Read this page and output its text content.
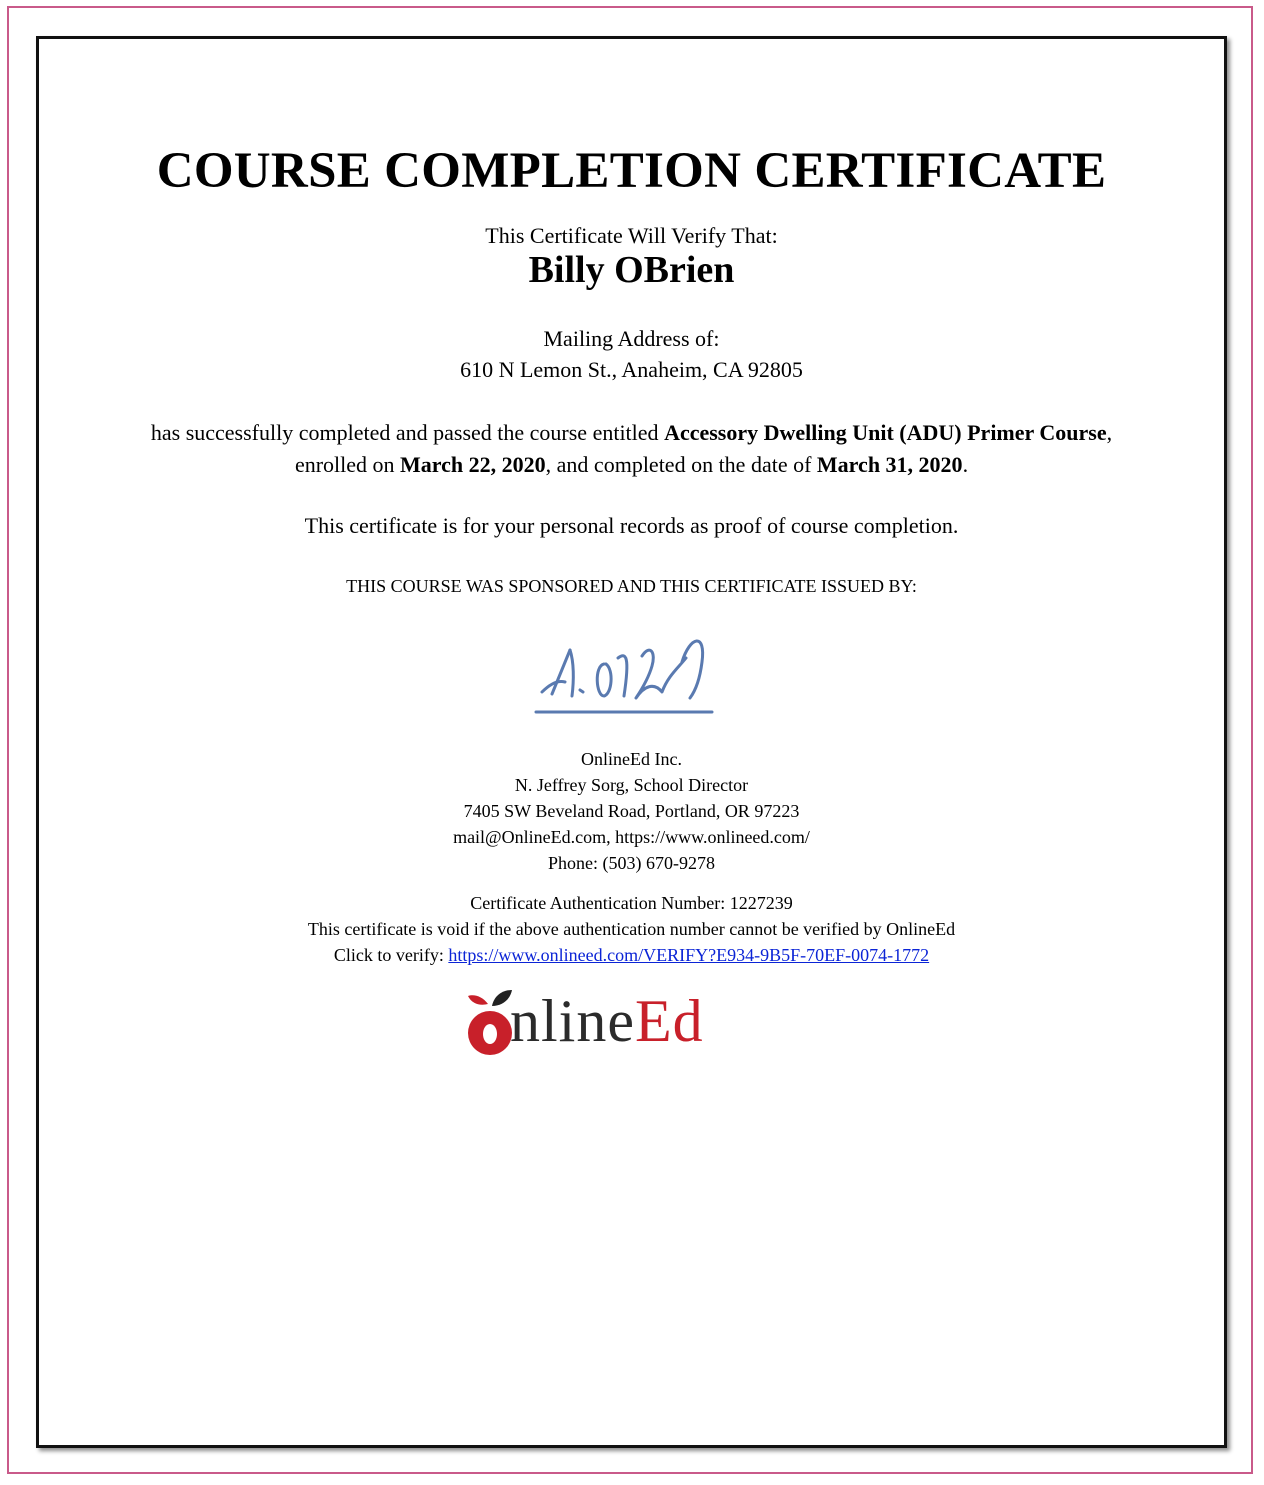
COURSE COMPLETION CERTIFICATE
This Certificate Will Verify That:
Billy OBrien
Mailing Address of:
610 N Lemon St., Anaheim, CA 92805
has successfully completed and passed the course entitled Accessory Dwelling Unit (ADU) Primer Course,
enrolled on March 22, 2020, and completed on the date of March 31, 2020.
This certificate is for your personal records as proof of course completion.
THIS COURSE WAS SPONSORED AND THIS CERTIFICATE ISSUED BY:
OnlineEd Inc.
N. Jeffrey Sorg, School Director
7405 SW Beveland Road, Portland, OR 97223
mail@OnlineEd.com, https://www.onlineed.com/
Phone: (503) 670-9278
Certificate Authentication Number: 1227239
This certificate is void if the above authentication number cannot be verified by OnlineEd
Click to verify: https://www.onlineed.com/VERIFY?E934-9B5F-70EF-0074-1772
nlineEd
